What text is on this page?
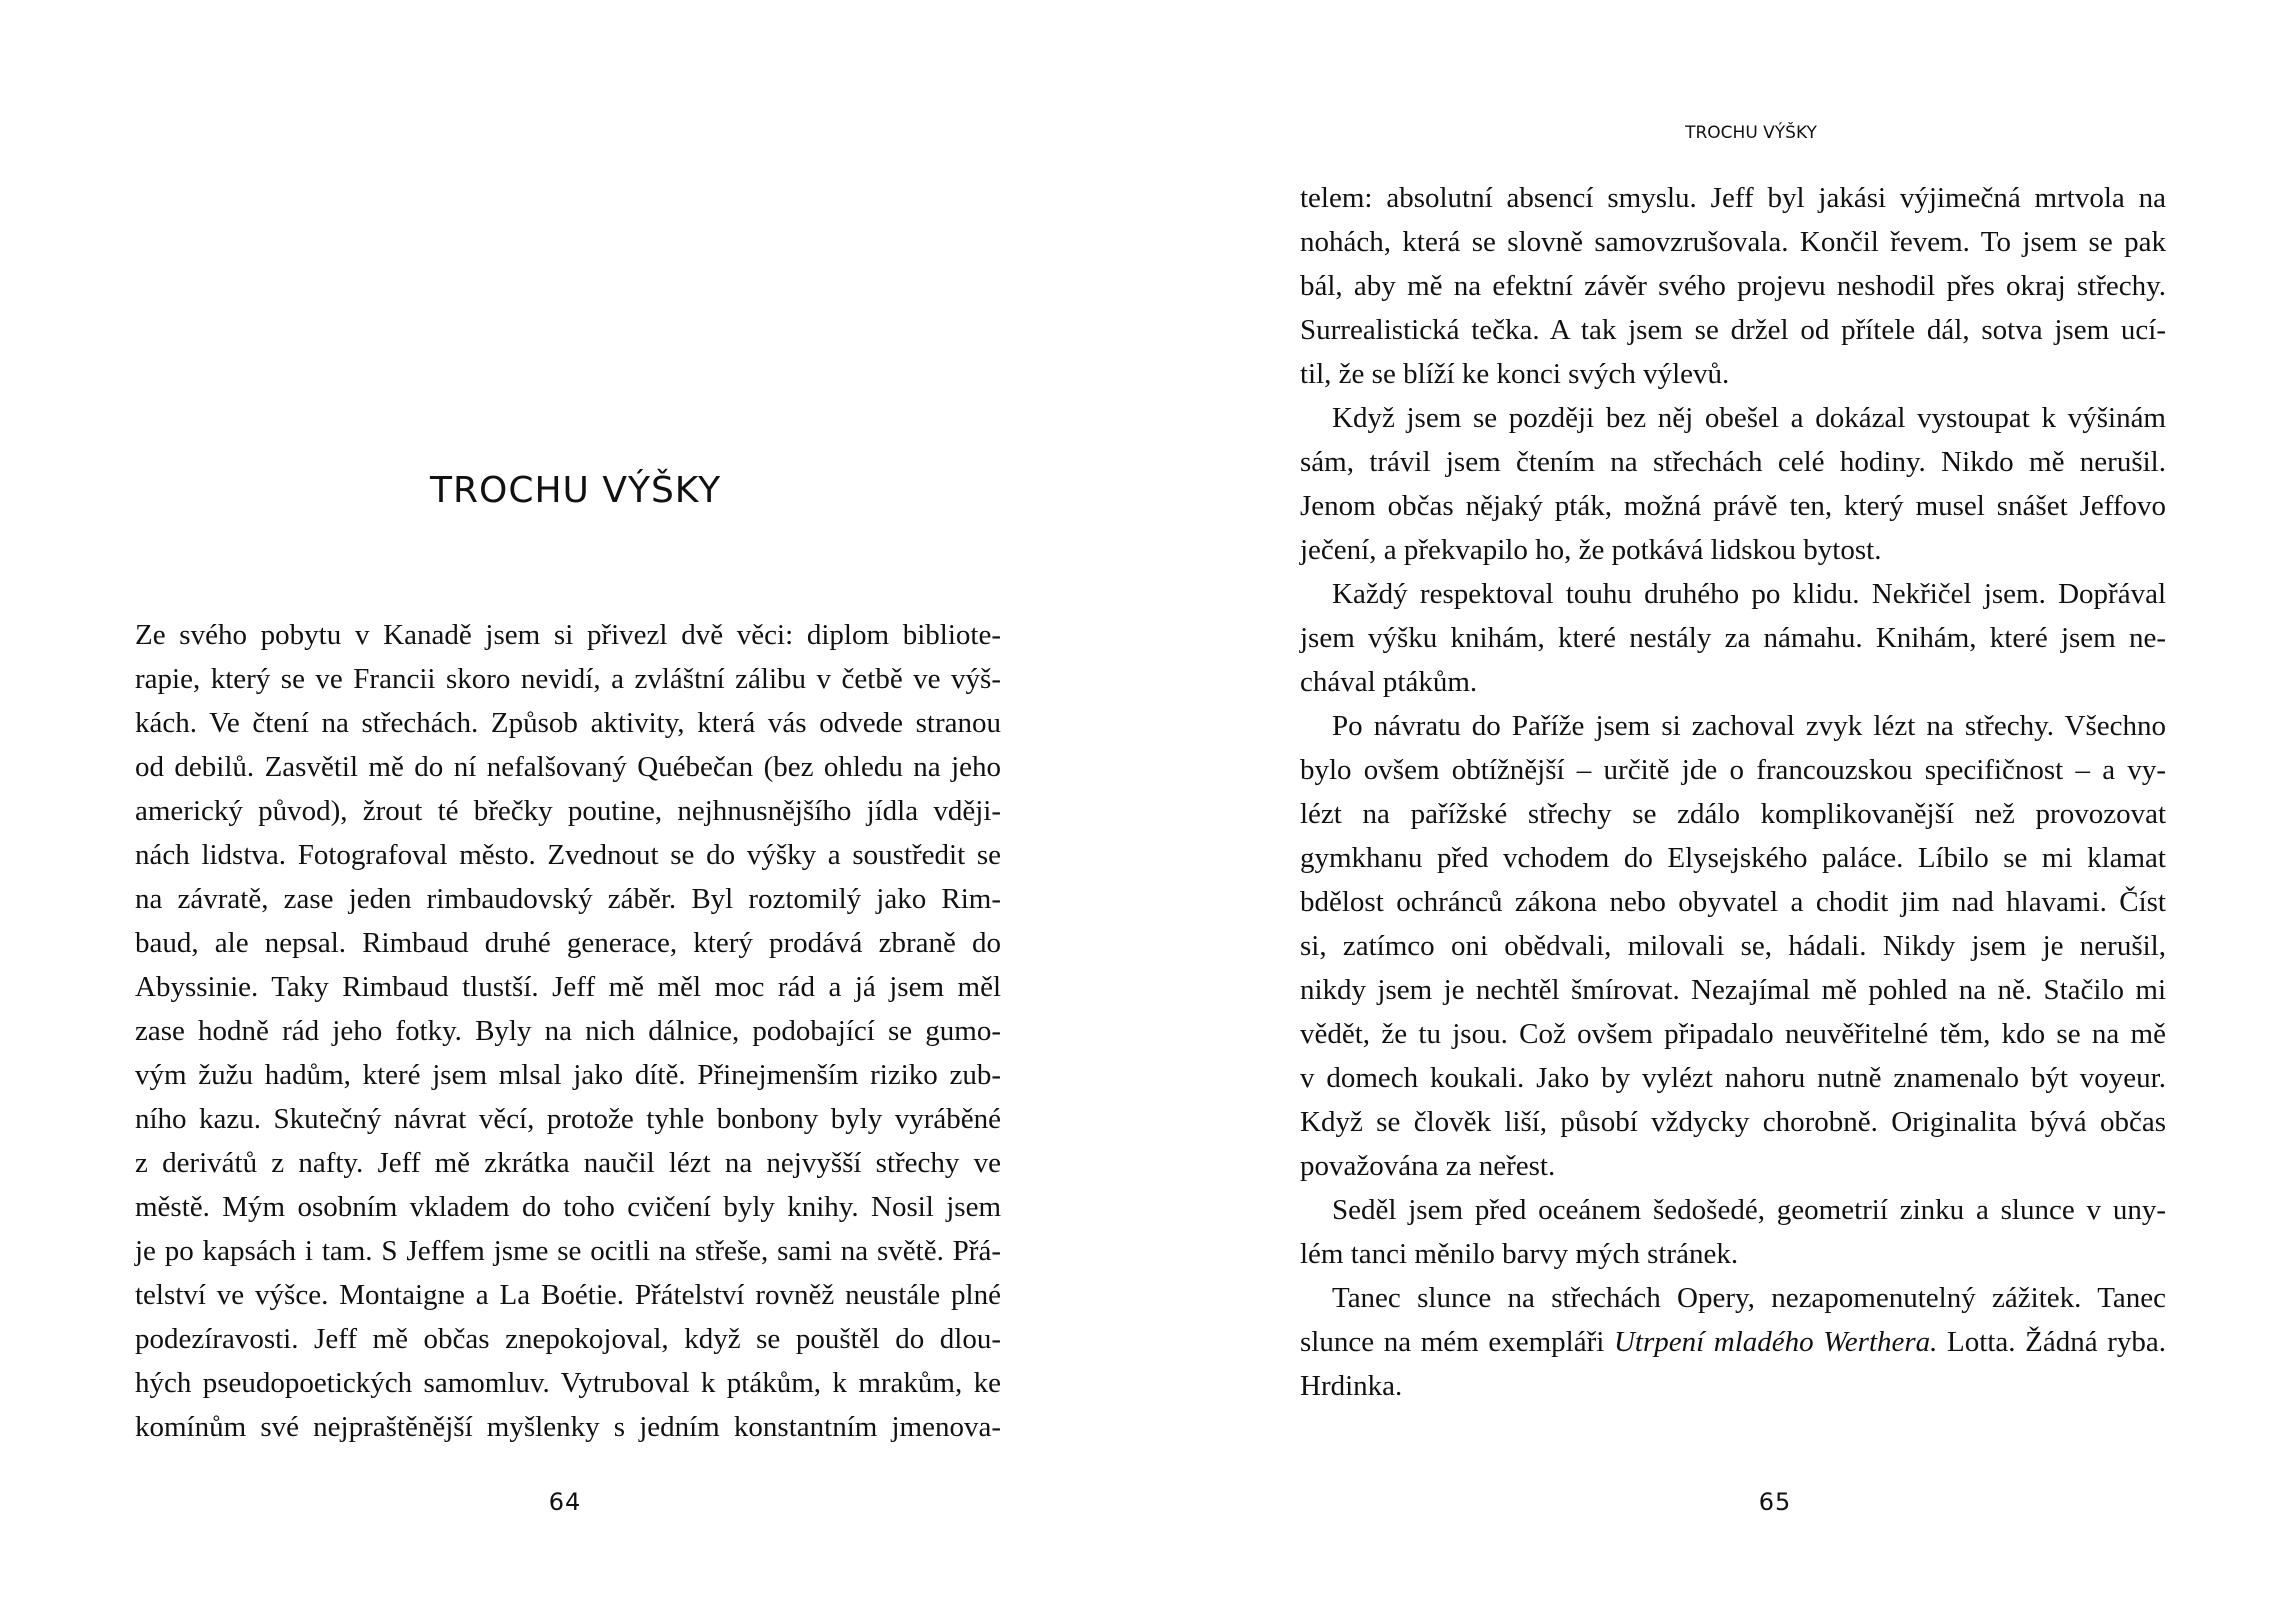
TROCHU VÝŠKY
Ze svého pobytu v Kanadě jsem si přivezl dvě věci: diplom bibliote-
rapie, který se ve Francii skoro nevidí, a zvláštní zálibu v četbě ve výš-
kách. Ve čtení na střechách. Způsob aktivity, která vás odvede stranou
od debilů. Zasvětil mě do ní nefalšovaný Québečan (bez ohledu na jeho
americký původ), žrout té břečky poutine, nejhnusnějšího jídla vději-
nách lidstva. Fotografoval město. Zvednout se do výšky a soustředit se
na závratě, zase jeden rimbaudovský záběr. Byl roztomilý jako Rim-
baud, ale nepsal. Rimbaud druhé generace, který prodává zbraně do
Abyssinie. Taky Rimbaud tlustší. Jeff mě měl moc rád a já jsem měl
zase hodně rád jeho fotky. Byly na nich dálnice, podobající se gumo-
vým žužu hadům, které jsem mlsal jako dítě. Přinejmenším riziko zub-
ního kazu. Skutečný návrat věcí, protože tyhle bonbony byly vyráběné
z derivátů z nafty. Jeff mě zkrátka naučil lézt na nejvyšší střechy ve
městě. Mým osobním vkladem do toho cvičení byly knihy. Nosil jsem
je po kapsách i tam. S Jeffem jsme se ocitli na střeše, sami na světě. Přá-
telství ve výšce. Montaigne a La Boétie. Přátelství rovněž neustále plné
podezíravosti. Jeff mě občas znepokojoval, když se pouštěl do dlou-
hých pseudopoetických samomluv. Vytruboval k ptákům, k mrakům, ke
komínům své nejpraštěnější myšlenky s jedním konstantním jmenova-
64
TROCHU VÝŠKY
telem: absolutní absencí smyslu. Jeff byl jakási výjimečná mrtvola na
nohách, která se slovně samovzrušovala. Končil řevem. To jsem se pak
bál, aby mě na efektní závěr svého projevu neshodil přes okraj střechy.
Surrealistická tečka. A tak jsem se držel od přítele dál, sotva jsem ucí-
til, že se blíží ke konci svých výlevů.
Když jsem se později bez něj obešel a dokázal vystoupat k výšinám
sám, trávil jsem čtením na střechách celé hodiny. Nikdo mě nerušil.
Jenom občas nějaký pták, možná právě ten, který musel snášet Jeffovo
ječení, a překvapilo ho, že potkává lidskou bytost.
Každý respektoval touhu druhého po klidu. Nekřičel jsem. Dopřával
jsem výšku knihám, které nestály za námahu. Knihám, které jsem ne-
chával ptákům.
Po návratu do Paříže jsem si zachoval zvyk lézt na střechy. Všechno
bylo ovšem obtížnější – určitě jde o francouzskou specifičnost – a vy-
lézt na pařížské střechy se zdálo komplikovanější než provozovat
gymkhanu před vchodem do Elysejského paláce. Líbilo se mi klamat
bdělost ochránců zákona nebo obyvatel a chodit jim nad hlavami. Číst
si, zatímco oni obědvali, milovali se, hádali. Nikdy jsem je nerušil,
nikdy jsem je nechtěl šmírovat. Nezajímal mě pohled na ně. Stačilo mi
vědět, že tu jsou. Což ovšem připadalo neuvěřitelné těm, kdo se na mě
v domech koukali. Jako by vylézt nahoru nutně znamenalo být voyeur.
Když se člověk liší, působí vždycky chorobně. Originalita bývá občas
považována za neřest.
Seděl jsem před oceánem šedošedé, geometrií zinku a slunce v uny-
lém tanci měnilo barvy mých stránek.
Tanec slunce na střechách Opery, nezapomenutelný zážitek. Tanec
slunce na mém exempláři Utrpení mladého Werthera. Lotta. Žádná ryba.
Hrdinka.
65
